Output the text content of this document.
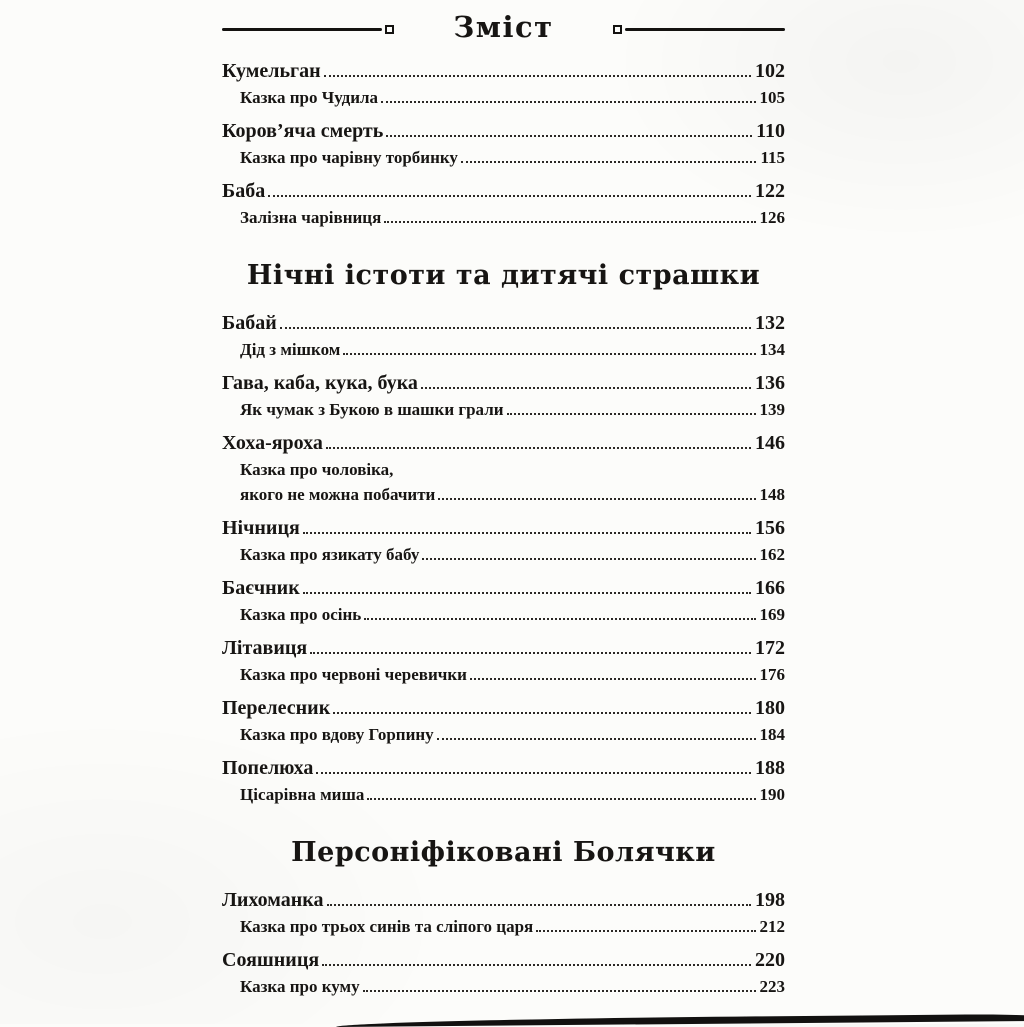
Зміст
Кумельган	102
Казка про Чудила	105
Коров’яча смерть	110
Казка про чарівну торбинку	115
Баба	122
Залізна чарівниця	126
Нічні істоти та дитячі страшки
Бабай	132
Дід з мішком	134
Гава, каба, кука, бука	136
Як чумак з Букою в шашки грали	139
Хоха-яроха	146
Казка про чоловіка,
якого не можна побачити	148
Нічниця	156
Казка про язикату бабу	162
Баєчник	166
Казка про осінь	169
Літавиця	172
Казка про червоні черевички	176
Перелесник	180
Казка про вдову Горпину	184
Попелюха	188
Цісарівна миша	190
Персоніфіковані Болячки
Лихоманка	198
Казка про трьох синів та сліпого царя	212
Сояшниця	220
Казка про куму	223
